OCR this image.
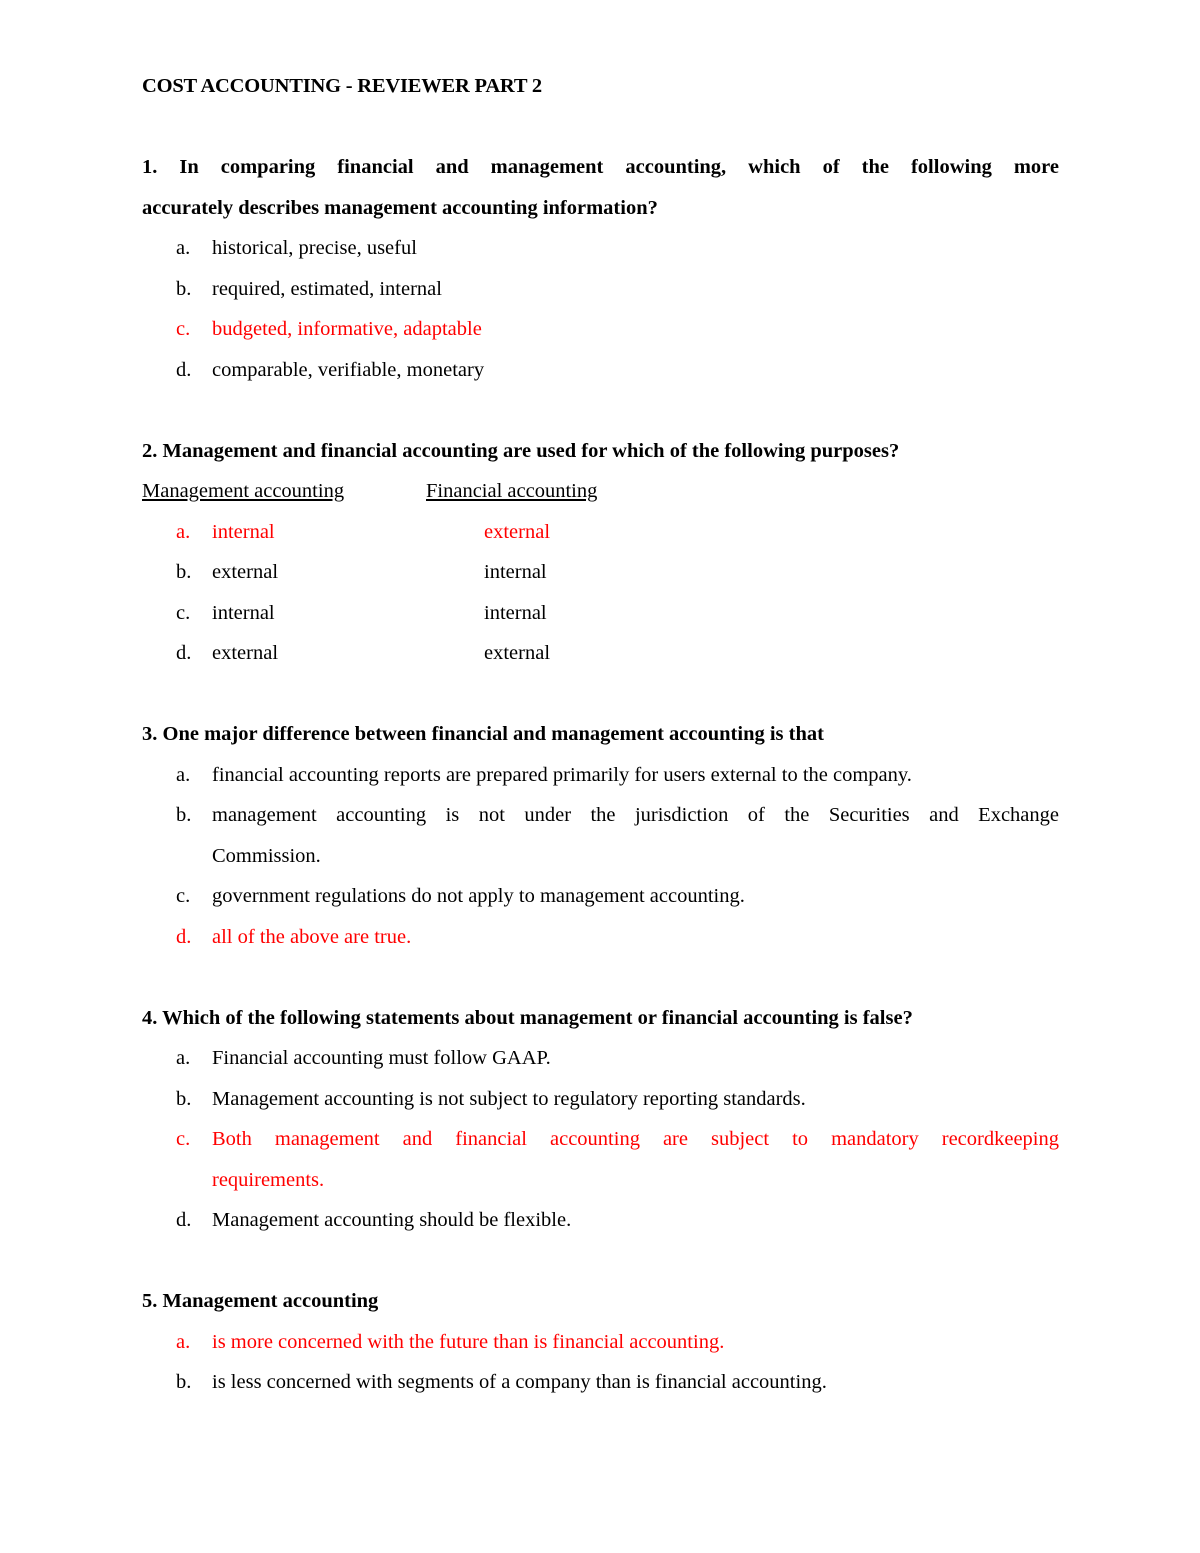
COST ACCOUNTING - REVIEWER PART 2

1. In comparing financial and management accounting, which of the following more
accurately describes management accounting information?

a. historical, precise, useful
b. required, estimated, internal
c. budgeted, informative, adaptable
d. comparable, verifiable, monetary

2. Management and financial accounting are used for which of the following purposes?

Management accounting	Financial accounting
a. internal	external
b. external	internal
c. internal	internal
d. external	external

3. One major difference between financial and management accounting is that

a. financial accounting reports are prepared primarily for users external to the company.
b. management accounting is not under the jurisdiction of the Securities and Exchange
Commission.
c. government regulations do not apply to management accounting.
d. all of the above are true.

4. Which of the following statements about management or financial accounting is false?

a. Financial accounting must follow GAAP.
b. Management accounting is not subject to regulatory reporting standards.
c. Both management and financial accounting are subject to mandatory recordkeeping
requirements.
d. Management accounting should be flexible.

5. Management accounting

a. is more concerned with the future than is financial accounting.
b. is less concerned with segments of a company than is financial accounting.
